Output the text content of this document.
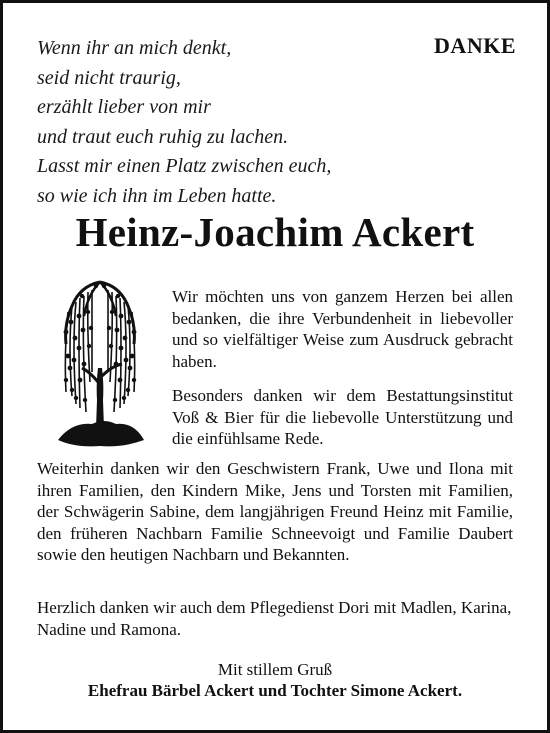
Wenn ihr an mich denkt,
seid nicht traurig,
erzählt lieber von mir
und traut euch ruhig zu lachen.
Lasst mir einen Platz zwischen euch,
so wie ich ihn im Leben hatte.
DANKE
Heinz-Joachim Ackert

Wir möchten uns von ganzem Herzen bei allen bedanken, die ihre Verbundenheit in liebevoller und so vielfältiger Weise zum Ausdruck gebracht haben.

Besonders danken wir dem Bestattungsinstitut Voß & Bier für die liebevolle Unterstützung und die einfühlsame Rede.

Weiterhin danken wir den Geschwistern Frank, Uwe und Ilona mit ihren Familien, den Kindern Mike, Jens und Torsten mit Familien, der Schwägerin Sabine, dem langjährigen Freund Heinz mit Familie, den früheren Nachbarn Familie Schneevoigt und Familie Daubert sowie den heutigen Nachbarn und Bekannten.

Herzlich danken wir auch dem Pflegedienst Dori mit Madlen, Karina, Nadine und Ramona.

Mit stillem Gruß
Ehefrau Bärbel Ackert und Tochter Simone Ackert.
